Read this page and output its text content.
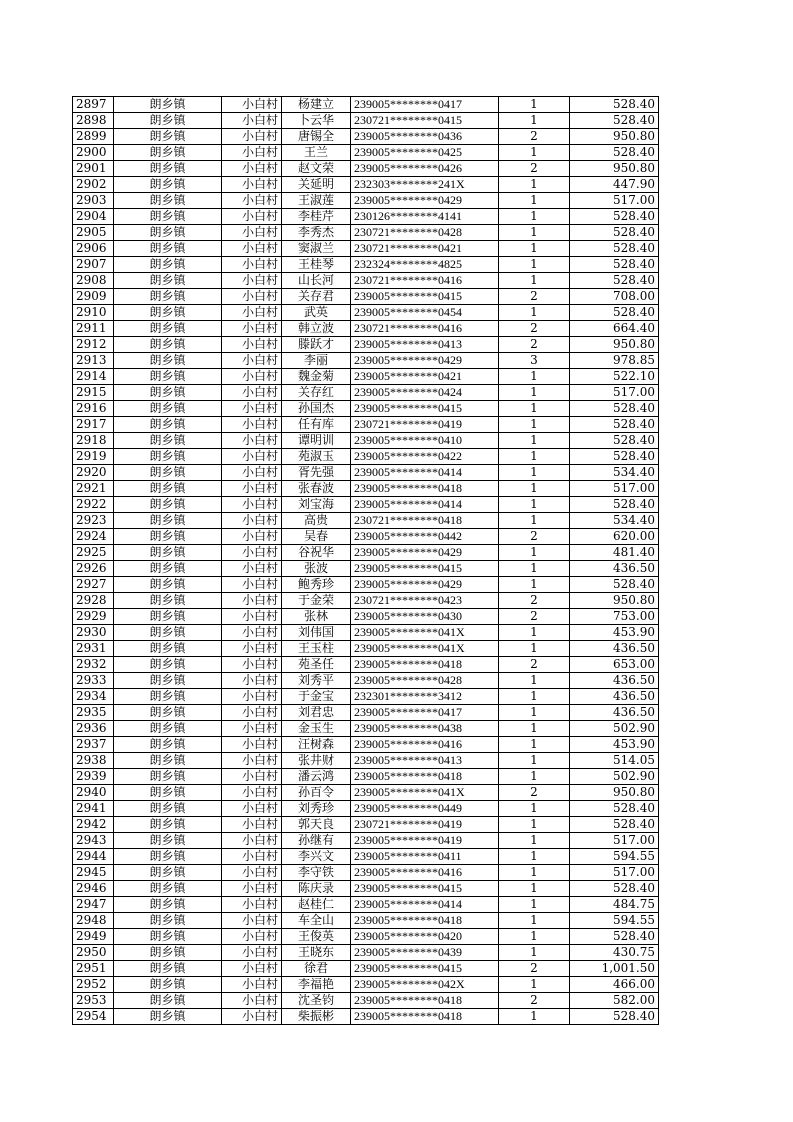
2897	朗乡镇	小白村	杨建立	239005********0417	1	528.40
2898	朗乡镇	小白村	卜云华	230721********0415	1	528.40
2899	朗乡镇	小白村	唐锡全	239005********0436	2	950.80
2900	朗乡镇	小白村	王兰	239005********0425	1	528.40
2901	朗乡镇	小白村	赵文荣	239005********0426	2	950.80
2902	朗乡镇	小白村	关延明	232303********241X	1	447.90
2903	朗乡镇	小白村	王淑莲	239005********0429	1	517.00
2904	朗乡镇	小白村	李桂芹	230126********4141	1	528.40
2905	朗乡镇	小白村	李秀杰	230721********0428	1	528.40
2906	朗乡镇	小白村	窦淑兰	230721********0421	1	528.40
2907	朗乡镇	小白村	王桂琴	232324********4825	1	528.40
2908	朗乡镇	小白村	山长河	230721********0416	1	528.40
2909	朗乡镇	小白村	关存君	239005********0415	2	708.00
2910	朗乡镇	小白村	武英	239005********0454	1	528.40
2911	朗乡镇	小白村	韩立波	230721********0416	2	664.40
2912	朗乡镇	小白村	滕跃才	239005********0413	2	950.80
2913	朗乡镇	小白村	李丽	239005********0429	3	978.85
2914	朗乡镇	小白村	魏金菊	239005********0421	1	522.10
2915	朗乡镇	小白村	关存红	239005********0424	1	517.00
2916	朗乡镇	小白村	孙国杰	239005********0415	1	528.40
2917	朗乡镇	小白村	任有库	230721********0419	1	528.40
2918	朗乡镇	小白村	谭明训	239005********0410	1	528.40
2919	朗乡镇	小白村	苑淑玉	239005********0422	1	528.40
2920	朗乡镇	小白村	胥先强	239005********0414	1	534.40
2921	朗乡镇	小白村	张春波	239005********0418	1	517.00
2922	朗乡镇	小白村	刘宝海	239005********0414	1	528.40
2923	朗乡镇	小白村	高贵	230721********0418	1	534.40
2924	朗乡镇	小白村	吴春	239005********0442	2	620.00
2925	朗乡镇	小白村	谷祝华	239005********0429	1	481.40
2926	朗乡镇	小白村	张波	239005********0415	1	436.50
2927	朗乡镇	小白村	鲍秀珍	239005********0429	1	528.40
2928	朗乡镇	小白村	于金荣	230721********0423	2	950.80
2929	朗乡镇	小白村	张林	239005********0430	2	753.00
2930	朗乡镇	小白村	刘伟国	239005********041X	1	453.90
2931	朗乡镇	小白村	王玉柱	239005********041X	1	436.50
2932	朗乡镇	小白村	苑圣任	239005********0418	2	653.00
2933	朗乡镇	小白村	刘秀平	239005********0428	1	436.50
2934	朗乡镇	小白村	于金宝	232301********3412	1	436.50
2935	朗乡镇	小白村	刘君忠	239005********0417	1	436.50
2936	朗乡镇	小白村	金玉生	239005********0438	1	502.90
2937	朗乡镇	小白村	汪树森	239005********0416	1	453.90
2938	朗乡镇	小白村	张井财	239005********0413	1	514.05
2939	朗乡镇	小白村	潘云鸿	239005********0418	1	502.90
2940	朗乡镇	小白村	孙百令	239005********041X	2	950.80
2941	朗乡镇	小白村	刘秀珍	239005********0449	1	528.40
2942	朗乡镇	小白村	郭天良	230721********0419	1	528.40
2943	朗乡镇	小白村	孙继有	239005********0419	1	517.00
2944	朗乡镇	小白村	李兴文	239005********0411	1	594.55
2945	朗乡镇	小白村	李守铁	239005********0416	1	517.00
2946	朗乡镇	小白村	陈庆录	239005********0415	1	528.40
2947	朗乡镇	小白村	赵桂仁	239005********0414	1	484.75
2948	朗乡镇	小白村	车全山	239005********0418	1	594.55
2949	朗乡镇	小白村	王俊英	239005********0420	1	528.40
2950	朗乡镇	小白村	王晓东	239005********0439	1	430.75
2951	朗乡镇	小白村	徐君	239005********0415	2	1,001.50
2952	朗乡镇	小白村	李福艳	239005********042X	1	466.00
2953	朗乡镇	小白村	沈圣钧	239005********0418	2	582.00
2954	朗乡镇	小白村	柴振彬	239005********0418	1	528.40
